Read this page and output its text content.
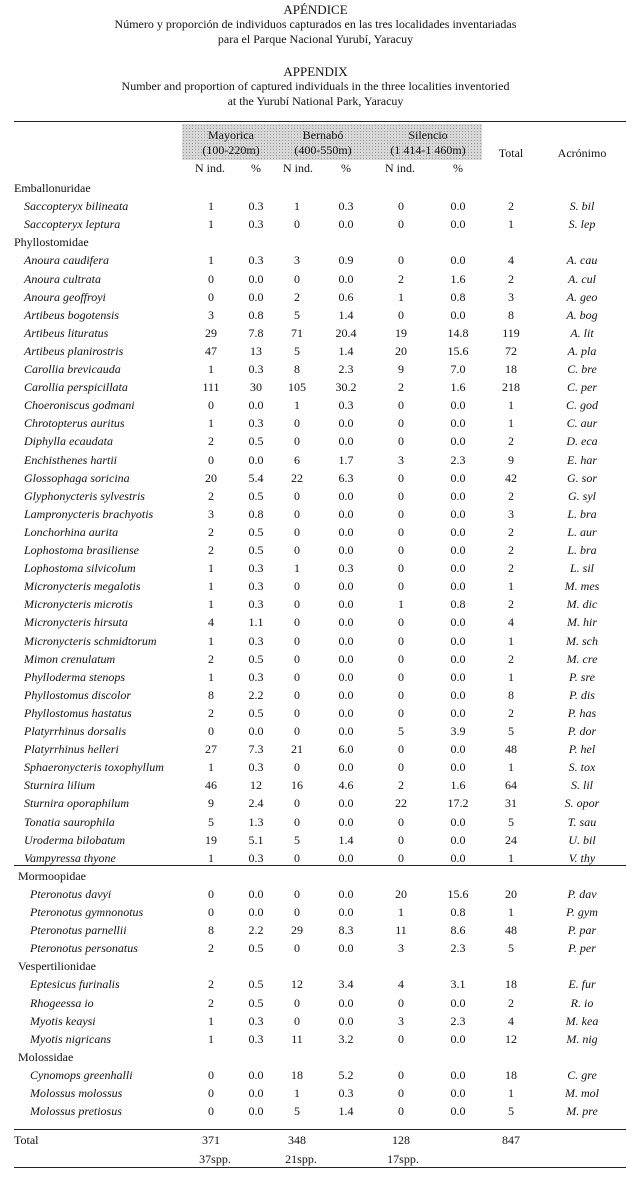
APÉNDICE
Número y proporción de individuos capturados en las tres localidades inventariadas
para el Parque Nacional Yurubí, Yaracuy
APPENDIX
Number and proportion of captured individuals in the three localities inventoried
at the Yurubí National Park, Yaracuy
Mayorica
(100-220m)
Bernabó
(400-550m)
Silencio
(1 414-1 460m)	Total	Acrónimo
N ind.	%	N ind.	%	N ind.	%
Emballonuridae
Saccopteryx bilineata	1	0.3	1	0.3	0	0.0	2	S. bil
Saccopteryx leptura	1	0.3	0	0.0	0	0.0	1	S. lep
Phyllostomidae
Anoura caudifera	1	0.3	3	0.9	0	0.0	4	A. cau
Anoura cultrata	0	0.0	0	0.0	2	1.6	2	A. cul
Anoura geoffroyi	0	0.0	2	0.6	1	0.8	3	A. geo
Artibeus bogotensis	3	0.8	5	1.4	0	0.0	8	A. bog
Artibeus lituratus	29	7.8	71	20.4	19	14.8	119	A. lit
Artibeus planirostris	47	13	5	1.4	20	15.6	72	A. pla
Carollia brevicauda	1	0.3	8	2.3	9	7.0	18	C. bre
Carollia perspicillata	111	30	105	30.2	2	1.6	218	C. per
Choeroniscus godmani	0	0.0	1	0.3	0	0.0	1	C. god
Chrotopterus auritus	1	0.3	0	0.0	0	0.0	1	C. aur
Diphylla ecaudata	2	0.5	0	0.0	0	0.0	2	D. eca
Enchisthenes hartii	0	0.0	6	1.7	3	2.3	9	E. har
Glossophaga soricina	20	5.4	22	6.3	0	0.0	42	G. sor
Glyphonycteris sylvestris	2	0.5	0	0.0	0	0.0	2	G. syl
Lampronycteris brachyotis	3	0.8	0	0.0	0	0.0	3	L. bra
Lonchorhina aurita	2	0.5	0	0.0	0	0.0	2	L. aur
Lophostoma brasiliense	2	0.5	0	0.0	0	0.0	2	L. bra
Lophostoma silvicolum	1	0.3	1	0.3	0	0.0	2	L. sil
Micronycteris megalotis	1	0.3	0	0.0	0	0.0	1	M. mes
Micronycteris microtis	1	0.3	0	0.0	1	0.8	2	M. dic
Micronycteris hirsuta	4	1.1	0	0.0	0	0.0	4	M. hir
Micronycteris schmidtorum	1	0.3	0	0.0	0	0.0	1	M. sch
Mimon crenulatum	2	0.5	0	0.0	0	0.0	2	M. cre
Phylloderma stenops	1	0.3	0	0.0	0	0.0	1	P. sre
Phyllostomus discolor	8	2.2	0	0.0	0	0.0	8	P. dis
Phyllostomus hastatus	2	0.5	0	0.0	0	0.0	2	P. has
Platyrrhinus dorsalis	0	0.0	0	0.0	5	3.9	5	P. dor
Platyrrhinus helleri	27	7.3	21	6.0	0	0.0	48	P. hel
Sphaeronycteris toxophyllum	1	0.3	0	0.0	0	0.0	1	S. tox
Sturnira lilium	46	12	16	4.6	2	1.6	64	S. lil
Sturnira oporaphilum	9	2.4	0	0.0	22	17.2	31	S. opor
Tonatia saurophila	5	1.3	0	0.0	0	0.0	5	T. sau
Uroderma bilobatum	19	5.1	5	1.4	0	0.0	24	U. bil
Vampyressa thyone	1	0.3	0	0.0	0	0.0	1	V. thy
Mormoopidae
Pteronotus davyi	0	0.0	0	0.0	20	15.6	20	P. dav
Pteronotus gymnonotus	0	0.0	0	0.0	1	0.8	1	P. gym
Pteronotus parnellii	8	2.2	29	8.3	11	8.6	48	P. par
Pteronotus personatus	2	0.5	0	0.0	3	2.3	5	P. per
Vespertilionidae
Eptesicus furinalis	2	0.5	12	3.4	4	3.1	18	E. fur
Rhogeessa io	2	0.5	0	0.0	0	0.0	2	R. io
Myotis keaysi	1	0.3	0	0.0	3	2.3	4	M. kea
Myotis nigricans	1	0.3	11	3.2	0	0.0	12	M. nig
Molossidae
Cynomops greenhalli	0	0.0	18	5.2	0	0.0	18	C. gre
Molossus molossus	0	0.0	1	0.3	0	0.0	1	M. mol
Molossus pretiosus	0	0.0	5	1.4	0	0.0	5	M. pre
Total	371	348	128	847
37spp.	21spp.	17spp.
